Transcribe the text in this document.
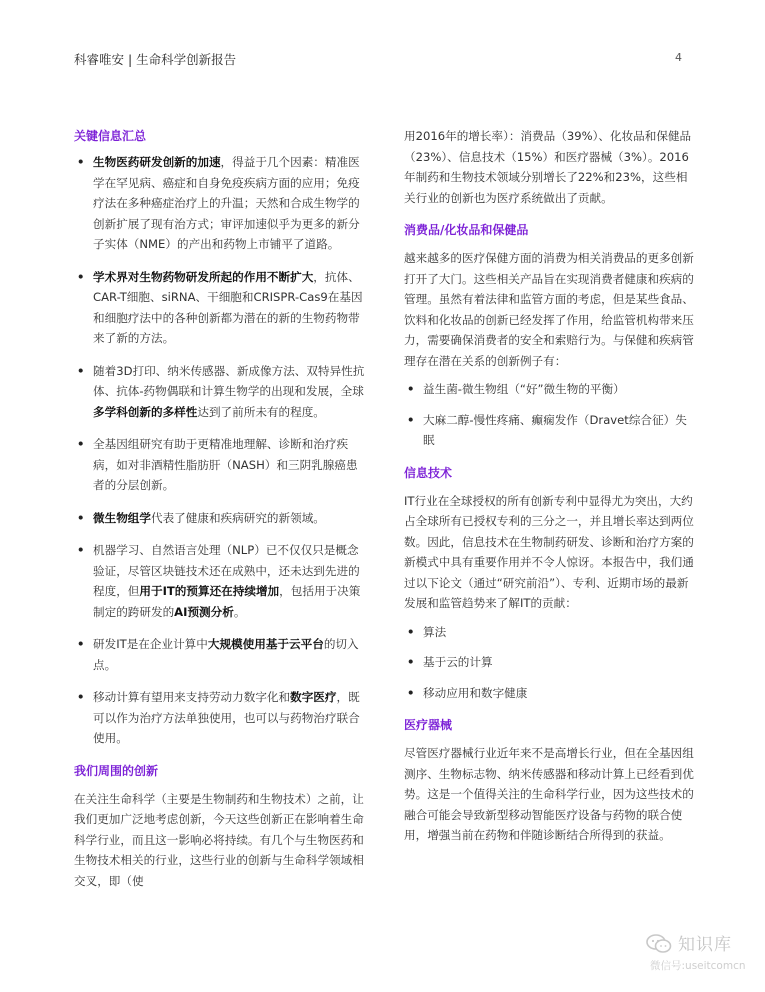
科睿唯安 | 生命科学创新报告	4
关键信息汇总
• 生物医药研发创新的加速，得益于几个因素：精准医学在罕见病、癌症和自身免疫疾病方面的应用；免疫疗法在多种癌症治疗上的升温；天然和合成生物学的创新扩展了现有治方式；审评加速似乎为更多的新分子实体（NME）的产出和药物上市铺平了道路。
• 学术界对生物药物研发所起的作用不断扩大，抗体、CAR-T细胞、siRNA、干细胞和CRISPR-Cas9在基因和细胞疗法中的各种创新都为潜在的新的生物药物带来了新的方法。
• 随着3D打印、纳米传感器、新成像方法、双特异性抗体、抗体-药物偶联和计算生物学的出现和发展，全球多学科创新的多样性达到了前所未有的程度。
• 全基因组研究有助于更精准地理解、诊断和治疗疾病，如对非酒精性脂肪肝（NASH）和三阴乳腺癌患者的分层创新。
• 微生物组学代表了健康和疾病研究的新领域。
• 机器学习、自然语言处理（NLP）已不仅仅只是概念验证，尽管区块链技术还在成熟中，还未达到先进的程度，但用于IT的预算还在持续增加，包括用于决策制定的跨研发的AI预测分析。
• 研发IT是在企业计算中大规模使用基于云平台的切入点。
• 移动计算有望用来支持劳动力数字化和数字医疗，既可以作为治疗方法单独使用，也可以与药物治疗联合使用。
我们周围的创新

在关注生命科学（主要是生物制药和生物技术）之前，让我们更加广泛地考虑创新，今天这些创新正在影响着生命科学行业，而且这一影响必将持续。有几个与生物医药和生物技术相关的行业，这些行业的创新与生命科学领域相交叉，即（使

用2016年的增长率）：消费品（39%）、化妆品和保健品（23%）、信息技术（15%）和医疗器械（3%）。2016年制药和生物技术领域分别增长了22%和23%，这些相关行业的创新也为医疗系统做出了贡献。

消费品/化妆品和保健品

越来越多的医疗保健方面的消费为相关消费品的更多创新打开了大门。这些相关产品旨在实现消费者健康和疾病的管理。虽然有着法律和监管方面的考虑，但是某些食品、饮料和化妆品的创新已经发挥了作用，给监管机构带来压力，需要确保消费者的安全和索赔行为。与保健和疾病管理存在潜在关系的创新例子有：

• 益生菌-微生物组（“好”微生物的平衡）
• 大麻二醇-慢性疼痛、癫痫发作（Dravet综合征）失眠
信息技术

IT行业在全球授权的所有创新专利中显得尤为突出，大约占全球所有已授权专利的三分之一，并且增长率达到两位数。因此，信息技术在生物制药研发、诊断和治疗方案的新模式中具有重要作用并不令人惊讶。本报告中，我们通过以下论文（通过“研究前沿”）、专利、近期市场的最新发展和监管趋势来了解IT的贡献：

• 算法
• 基于云的计算
• 移动应用和数字健康
医疗器械

尽管医疗器械行业近年来不是高增长行业，但在全基因组测序、生物标志物、纳米传感器和移动计算上已经看到优势。这是一个值得关注的生命科学行业，因为这些技术的融合可能会导致新型移动智能医疗设备与药物的联合使用，增强当前在药物和伴随诊断结合所得到的获益。

知识库
微信号:useitcomcn
